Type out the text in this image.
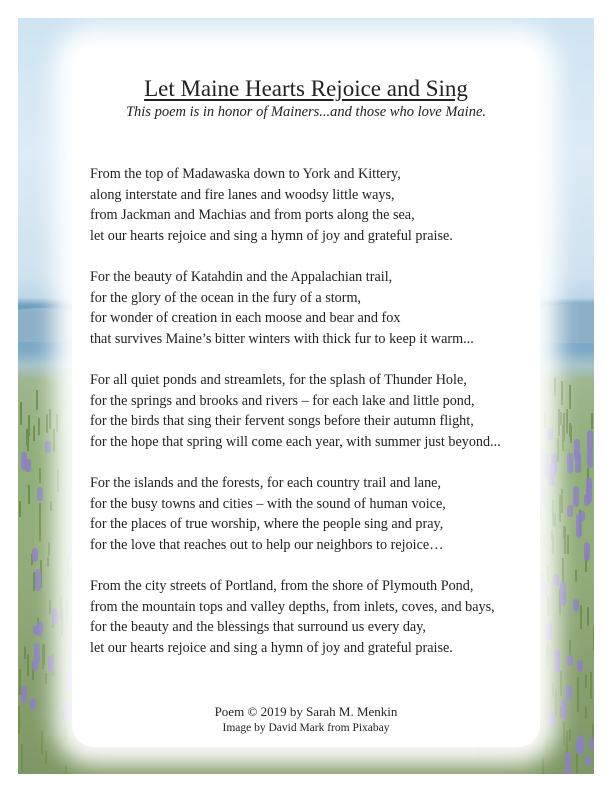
Let Maine Hearts Rejoice and Sing
This poem is in honor of Mainers...and those who love Maine.
From the top of Madawaska down to York and Kittery,
along interstate and fire lanes and woodsy little ways,
from Jackman and Machias and from ports along the sea,
let our hearts rejoice and sing a hymn of joy and grateful praise.
For the beauty of Katahdin and the Appalachian trail,
for the glory of the ocean in the fury of a storm,
for wonder of creation in each moose and bear and fox
that survives Maine’s bitter winters with thick fur to keep it warm...
For all quiet ponds and streamlets, for the splash of Thunder Hole,
for the springs and brooks and rivers – for each lake and little pond,
for the birds that sing their fervent songs before their autumn flight,
for the hope that spring will come each year, with summer just beyond...
For the islands and the forests, for each country trail and lane,
for the busy towns and cities – with the sound of human voice,
for the places of true worship, where the people sing and pray,
for the love that reaches out to help our neighbors to rejoice…
From the city streets of Portland, from the shore of Plymouth Pond,
from the mountain tops and valley depths, from inlets, coves, and bays,
for the beauty and the blessings that surround us every day,
let our hearts rejoice and sing a hymn of joy and grateful praise.
Poem © 2019 by Sarah M. Menkin
Image by David Mark from Pixabay
